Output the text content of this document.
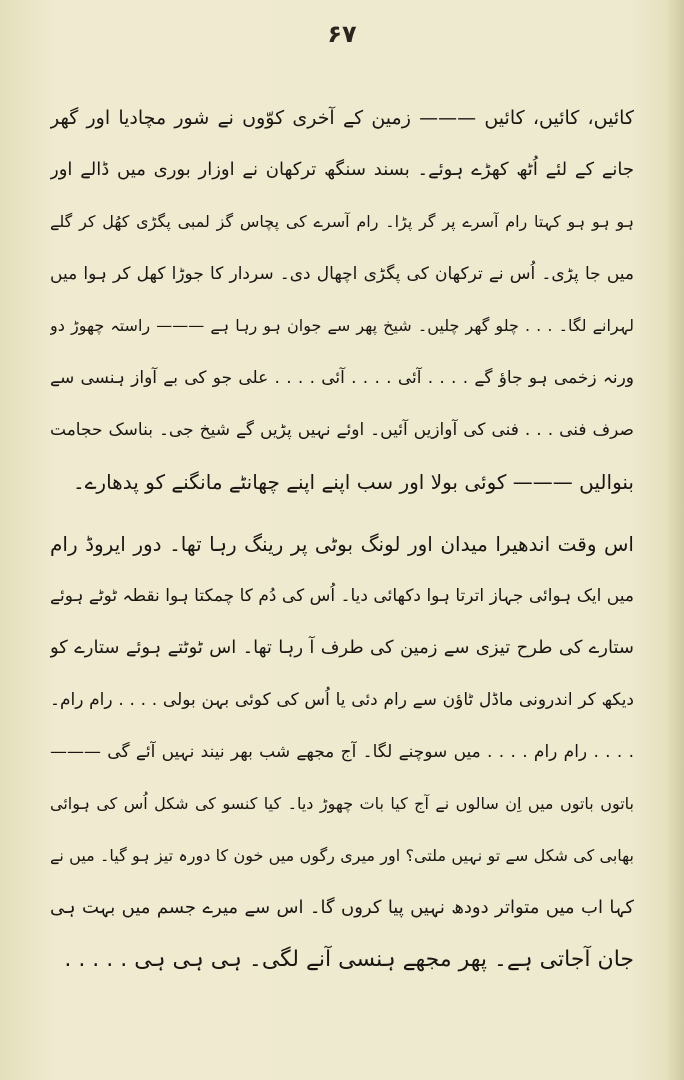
۶۷
کائیں، کائیں، کائیں ——— زمین کے آخری کوّوں نے شور مچادیا اور گھر
جانے کے لئے اُٹھ کھڑے ہوئے۔ بسند سنگھ ترکھان نے اوزار بوری میں ڈالے اور
ہو ہو ہو کہتا رام آسرے پر گر پڑا۔ رام آسرے کی پچاس گز لمبی پگڑی کھُل کر گلے
میں جا پڑی۔ اُس نے ترکھان کی پگڑی اچھال دی۔ سردار کا جوڑا کھل کر ہوا میں
لہرانے لگا۔ . . . چلو گھر چلیں۔ شیخ پھر سے جوان ہو رہا ہے ——— راستہ چھوڑ دو
ورنہ زخمی ہو جاؤ گے . . . . آئی . . . . آئی . . . . علی جو کی بے آواز ہنسی سے
صرف فنی . . . فنی کی آوازیں آئیں۔ اوئے نہیں پڑیں گے شیخ جی۔ بناسک حجامت
بنوالیں ——— کوئی بولا اور سب اپنے اپنے چھانٹے مانگنے کو پدھارے۔
اس وقت اندھیرا میدان اور لونگ بوٹی پر رینگ رہا تھا۔ دور ایروڈ رام
میں ایک ہوائی جہاز اترتا ہوا دکھائی دیا۔ اُس کی دُم کا چمکتا ہوا نقطہ ٹوٹے ہوئے
ستارے کی طرح تیزی سے زمین کی طرف آ رہا تھا۔ اس ٹوٹتے ہوئے ستارے کو
دیکھ کر اندرونی ماڈل ٹاؤن سے رام دئی یا اُس کی کوئی بہن بولی . . . . رام رام۔
. . . . رام رام . . . . میں سوچنے لگا۔ آج مجھے شب بھر نیند نہیں آئے گی ———
باتوں باتوں میں اِن سالوں نے آج کیا بات چھوڑ دیا۔ کیا کنسو کی شکل اُس کی ہوائی
بھابی کی شکل سے تو نہیں ملتی؟ اور میری رگوں میں خون کا دورہ تیز ہو گیا۔ میں نے
کہا اب میں متواتر دودھ نہیں پیا کروں گا۔ اس سے میرے جسم میں بہت ہی
جان آجاتی ہے۔ پھر مجھے ہنسی آنے لگی۔ ہی ہی ہی . . . . .
